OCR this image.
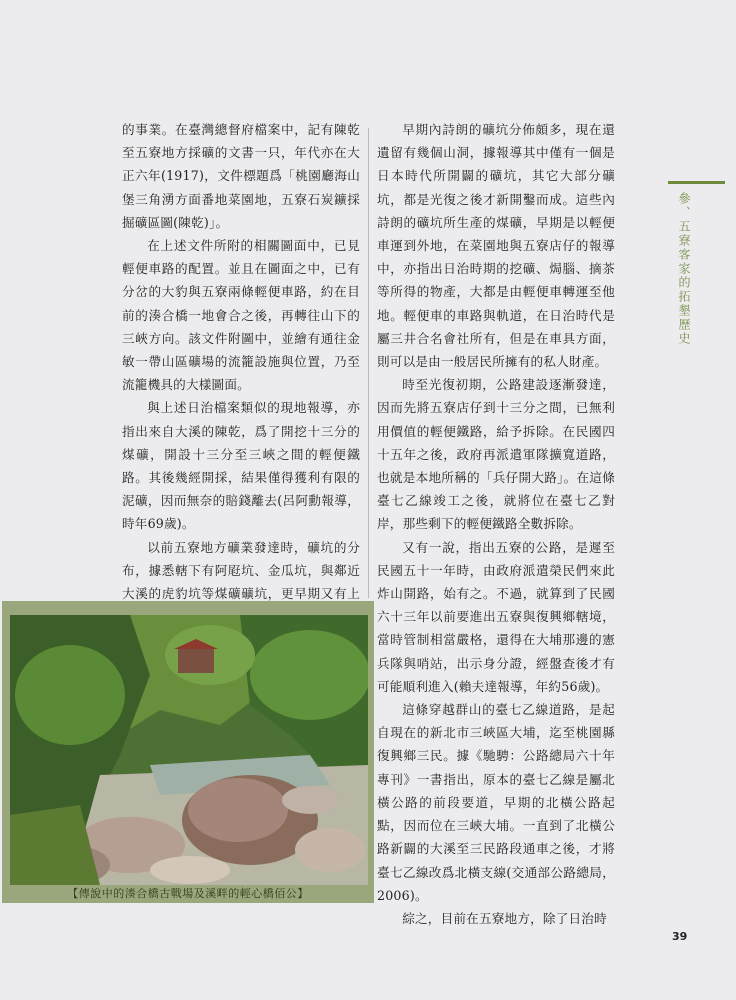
參、五寮客家的拓墾歷史

的事業。在臺灣總督府檔案中，記有陳乾至五寮地方採礦的文書一只，年代亦在大正六年(1917)，文件標題爲「桃園廳海山堡三角湧方面番地菜園地，五寮石炭鑛採掘礦區圖(陳乾)」。

在上述文件所附的相關圖面中，已見輕便車路的配置。並且在圖面之中，已有分岔的大豹與五寮兩條輕便車路，約在目前的湊合橋一地會合之後，再轉往山下的三峽方向。該文件附圖中，並繪有通往金敏一帶山區礦場的流籠設施與位置，乃至流籠機具的大樣圖面。

與上述日治檔案類似的現地報導，亦指出來自大溪的陳乾，爲了開挖十三分的煤礦，開設十三分至三峽之間的輕便鐵路。其後幾經開採，結果僅得獲利有限的泥礦，因而無奈的賠錢離去(呂阿勳報導，時年69歲)。

以前五寮地方礦業發達時，礦坑的分布，據悉轄下有阿屘坑、金瓜坑，與鄰近大溪的虎豹坑等煤礦礦坑，更早期又有上

早期內詩朗的礦坑分佈頗多，現在還遺留有幾個山洞，據報導其中僅有一個是日本時代所開闢的礦坑，其它大部分礦坑，都是光復之後才新開鑿而成。這些內詩朗的礦坑所生產的煤礦，早期是以輕便車運到外地，在菜園地與五寮店仔的報導中，亦指出日治時期的挖礦、焗腦、摘茶等所得的物產，大都是由輕便車轉運至他地。輕便車的車路與軌道，在日治時代是屬三井合名會社所有，但是在車具方面，則可以是由一般居民所擁有的私人財產。

時至光復初期，公路建設逐漸發達，因而先將五寮店仔到十三分之間，已無利用價值的輕便鐵路，給予拆除。在民國四十五年之後，政府再派遣軍隊擴寬道路，也就是本地所稱的「兵仔開大路」。在這條臺七乙線竣工之後，就將位在臺七乙對岸，那些剩下的輕便鐵路全數拆除。

又有一說，指出五寮的公路，是遲至民國五十一年時，由政府派遣榮民們來此炸山開路，始有之。不過，就算到了民國六十三年以前要進出五寮與復興鄉轄境，當時管制相當嚴格，還得在大埔那邊的憲兵隊與哨站，出示身分證，經盤查後才有可能順利進入(賴夫達報導，年約56歲)。

這條穿越群山的臺七乙線道路，是起自現在的新北市三峽區大埔，迄至桃園縣復興鄉三民。據《馳騁：公路總局六十年專刊》一書指出，原本的臺七乙線是屬北橫公路的前段要道，早期的北橫公路起點，因而位在三峽大埔。一直到了北橫公路新闢的大溪至三民路段通車之後，才將臺七乙線改爲北橫支線(交通部公路總局，2006)。

綜之，目前在五寮地方，除了日治時

【傳說中的湊合橋古戰場及溪畔的輕心橋佰公】
39
